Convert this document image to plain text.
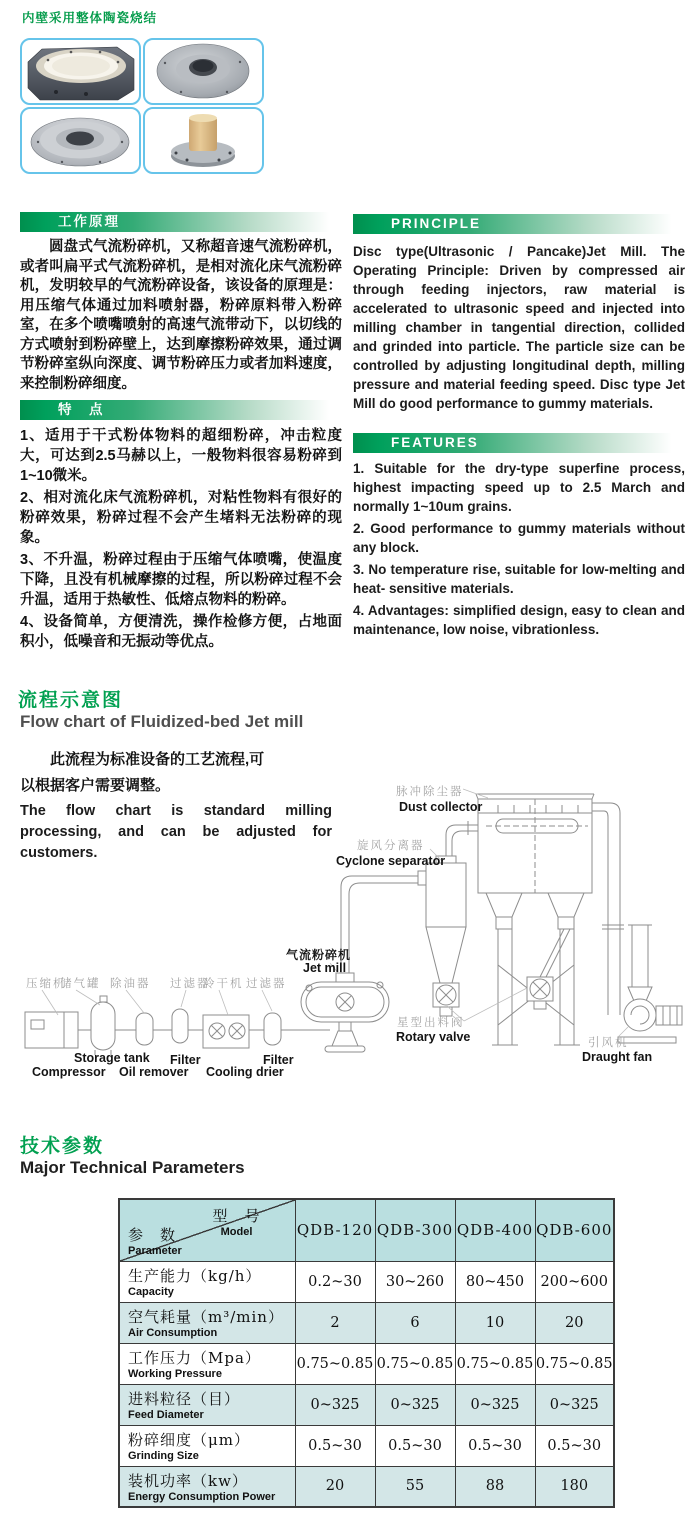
内壁采用整体陶瓷烧结
工作原理

圆盘式气流粉碎机，又称超音速气流粉碎机，或者叫扁平式气流粉碎机，是相对流化床气流粉碎机，发明较早的气流粉碎设备，该设备的原理是：用压缩气体通过加料喷射器，粉碎原料带入粉碎室，在多个喷嘴喷射的高速气流带动下，以切线的方式喷射到粉碎壁上，达到摩擦粉碎效果，通过调节粉碎室纵向深度、调节粉碎压力或者加料速度，来控制粉碎细度。

特　点

1、适用于干式粉体物料的超细粉碎，冲击粒度大，可达到2.5马赫以上，一般物料很容易粉碎到1~10微米。

2、相对流化床气流粉碎机，对粘性物料有很好的粉碎效果，粉碎过程不会产生堵料无法粉碎的现象。

3、不升温，粉碎过程由于压缩气体喷嘴，使温度下降，且没有机械摩擦的过程，所以粉碎过程不会升温，适用于热敏性、低熔点物料的粉碎。

4、设备简单，方便清洗，操作检修方便，占地面积小，低噪音和无振动等优点。

PRINCIPLE

Disc type(Ultrasonic / Pancake)Jet Mill. The Operating Principle: Driven by compressed air through feeding injectors, raw material is accelerated to ultrasonic speed and injected into milling chamber in tangential direction, collided and grinded into particle. The particle size can be controlled by adjusting longitudinal depth, milling pressure and material feeding speed. Disc type Jet Mill do good performance to gummy materials.

FEATURES

1. Suitable for the dry-type superfine process, highest impacting speed up to 2.5 March and normally 1~10um grains.

2. Good performance to gummy materials without any block.

3. No temperature rise, suitable for low-melting and heat- sensitive materials.

4. Advantages: simplified design, easy to clean and maintenance, low noise, vibrationless.

流程示意图
Flow chart of Fluidized-bed Jet mill
此流程为标准设备的工艺流程,可
以根据客户需要调整。
The flow chart is standard milling processing, and can be adjusted for customers.
脉冲除尘器
Dust collector
旋风分离器
Cyclone separator
气流粉碎机
Jet mill
压缩机
储气罐 除油器 过滤器
冷干机 过滤器
Storage tank Filter	Filter
Compressor Oil remover Cooling drier
星型出料阀
Rotary valve	引风机
Draught fan
技术参数
Major Technical Parameters
型　号
Model
参　数
Parameter	QDB-120	QDB-300	QDB-400	QDB-600

生产能力（kg/h）
Capacity	0.2~30	30~260	80~450	200~600

空气耗量（m³/min）
Air Consumption	2	6	10	20

工作压力（Mpa）
Working Pressure	0.75~0.85	0.75~0.85	0.75~0.85	0.75~0.85

进料粒径（目）
Feed Diameter	0~325	0~325	0~325	0~325

粉碎细度（μm）
Grinding Size	0.5~30	0.5~30	0.5~30	0.5~30

装机功率（kw）
Energy Consumption Power	20	55	88	180
